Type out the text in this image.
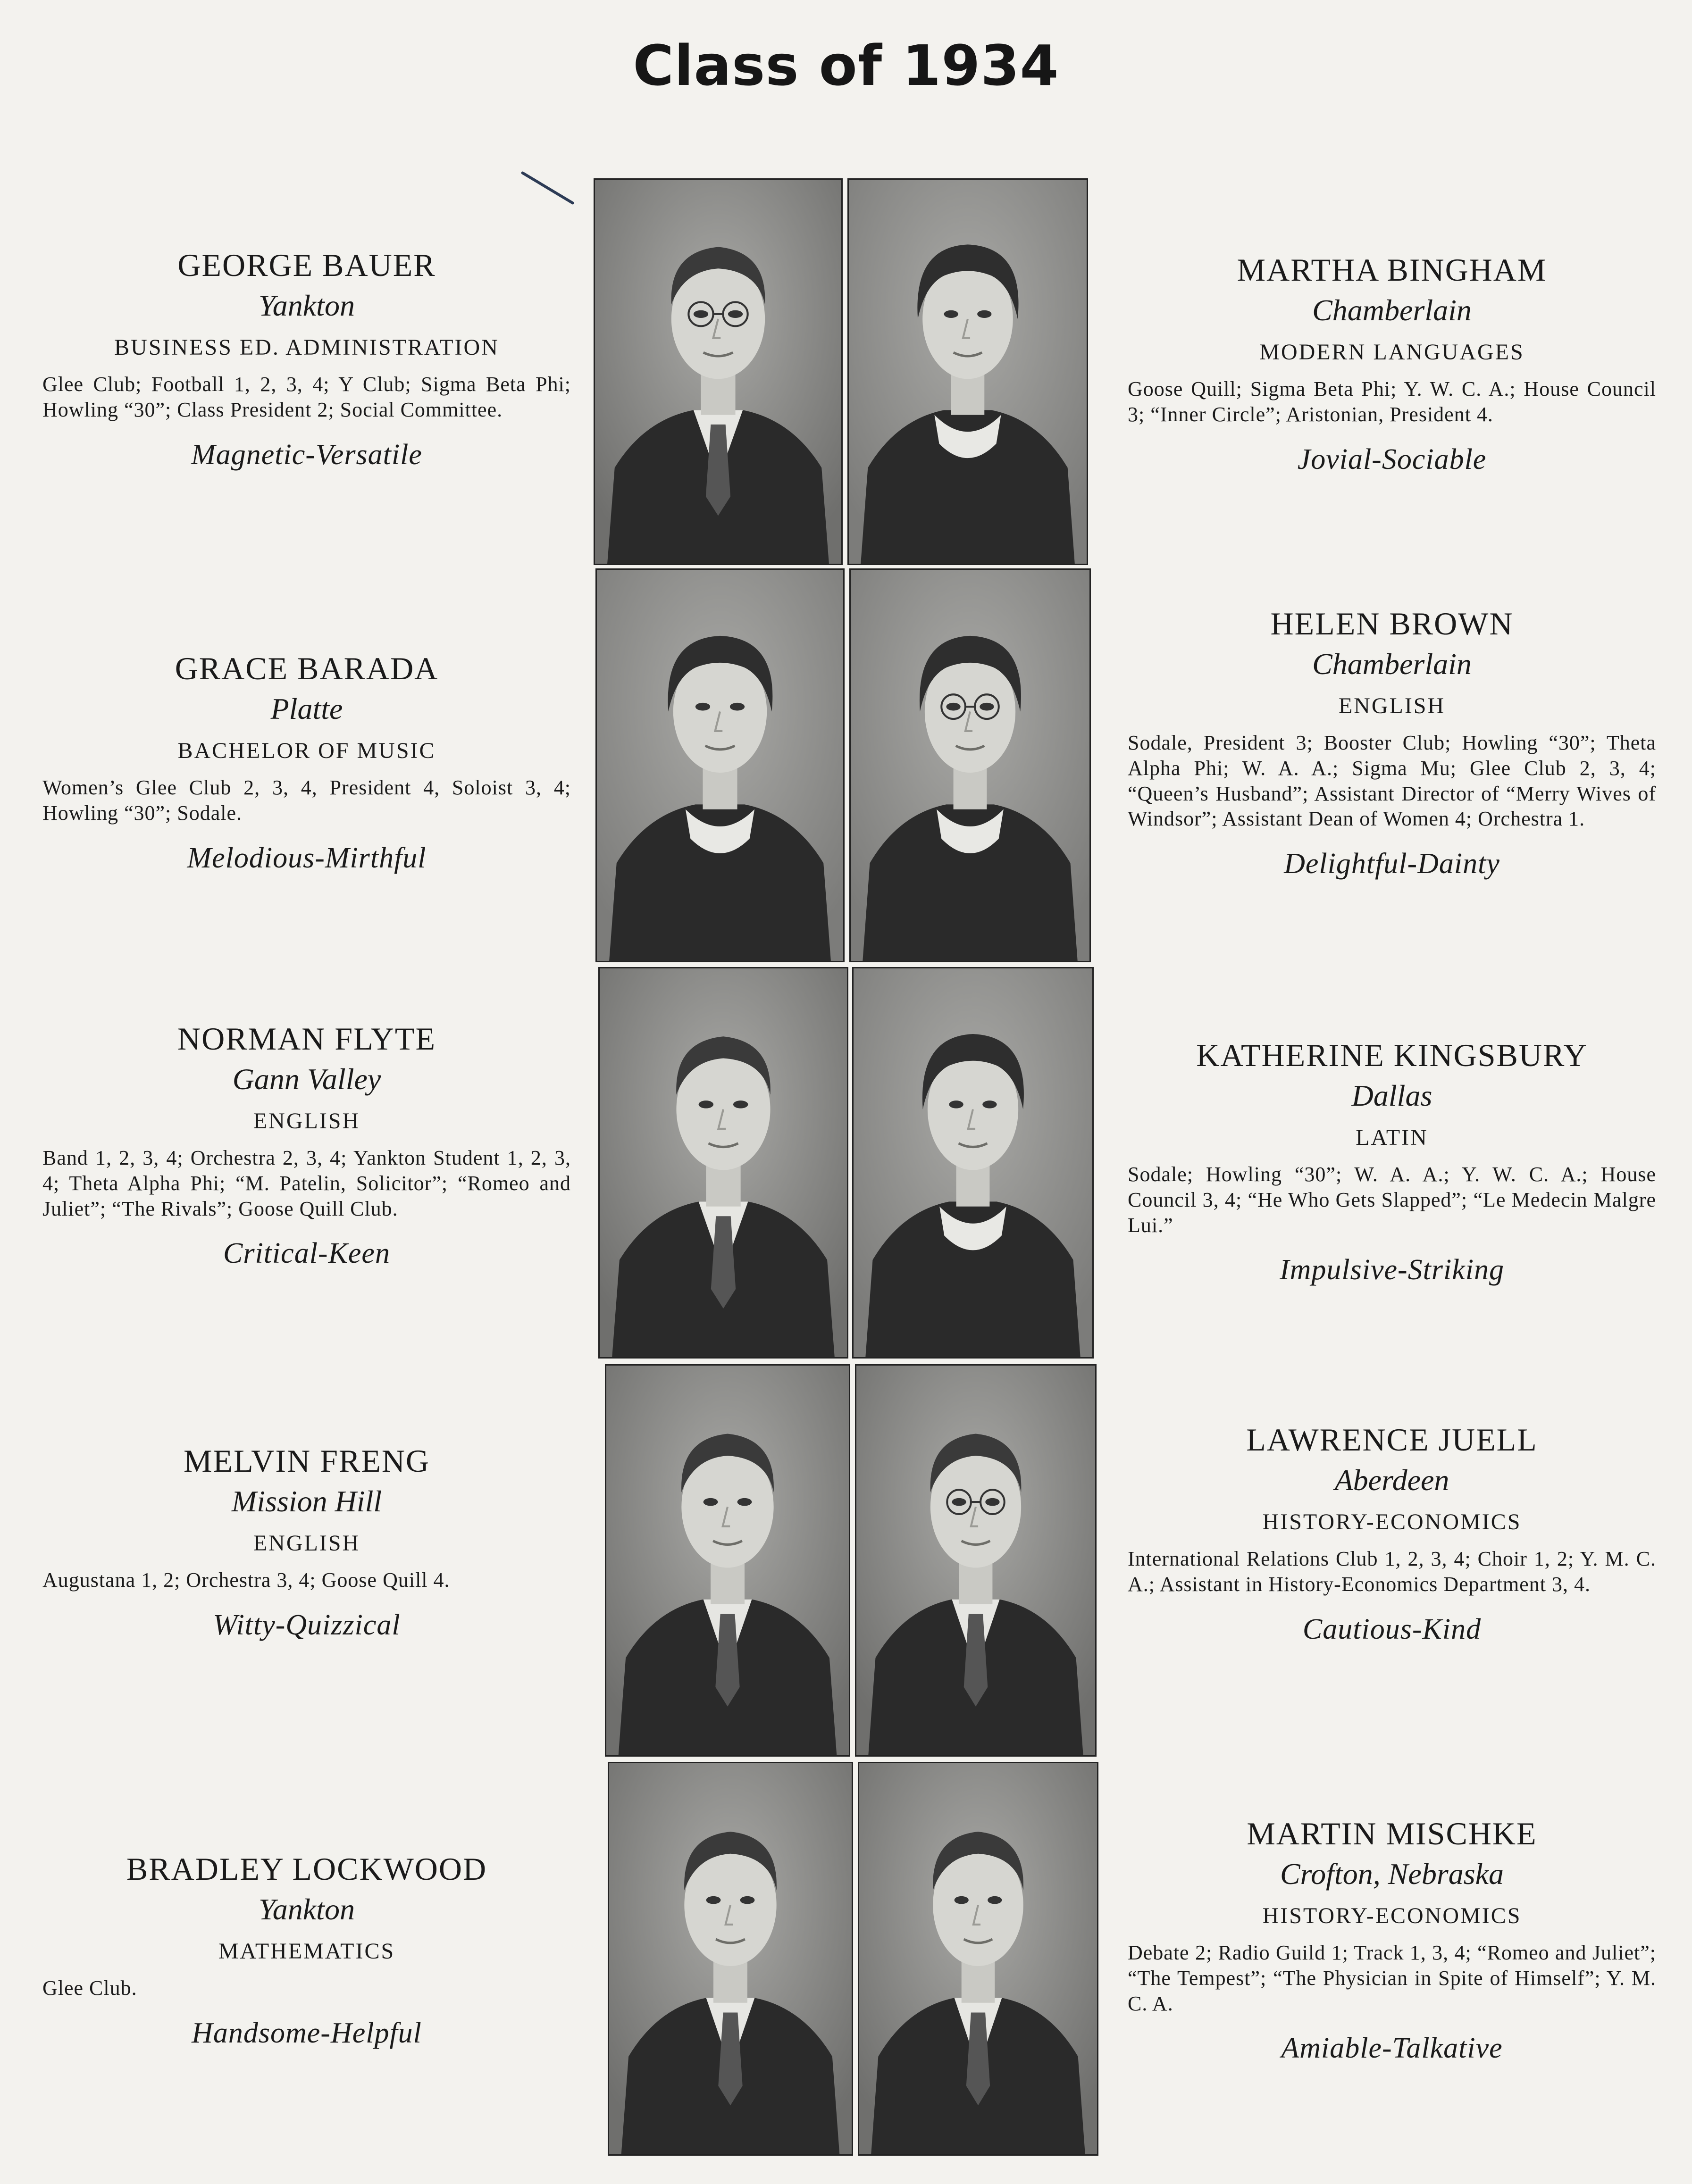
Class of 1934
GEORGE BAUER
Yankton
BUSINESS ED. ADMINISTRATION
Glee Club; Football 1, 2, 3, 4; Y Club; Sigma Beta Phi; Howling “30”; Class President 2; Social Committee.
Magnetic-Versatile
MARTHA BINGHAM
Chamberlain
MODERN LANGUAGES
Goose Quill; Sigma Beta Phi; Y. W. C. A.; House Council 3; “Inner Circle”; Aristonian, President 4.
Jovial-Sociable
GRACE BARADA
Platte
BACHELOR OF MUSIC
Women’s Glee Club 2, 3, 4, President 4, Soloist 3, 4; Howling “30”; Sodale.
Melodious-Mirthful
HELEN BROWN
Chamberlain
ENGLISH
Sodale, President 3; Booster Club; Howling “30”; Theta Alpha Phi; W. A. A.; Sigma Mu; Glee Club 2, 3, 4; “Queen’s Husband”; Assistant Director of “Merry Wives of Windsor”; Assistant Dean of Women 4; Orchestra 1.
Delightful-Dainty
NORMAN FLYTE
Gann Valley
ENGLISH
Band 1, 2, 3, 4; Orchestra 2, 3, 4; Yankton Student 1, 2, 3, 4; Theta Alpha Phi; “M. Patelin, Solicitor”; “Romeo and Juliet”; “The Rivals”; Goose Quill Club.
Critical-Keen
KATHERINE KINGSBURY
Dallas
LATIN
Sodale; Howling “30”; W. A. A.; Y. W. C. A.; House Council 3, 4; “He Who Gets Slapped”; “Le Medecin Malgre Lui.”
Impulsive-Striking
MELVIN FRENG
Mission Hill
ENGLISH
Augustana 1, 2; Orchestra 3, 4; Goose Quill 4.
Witty-Quizzical
LAWRENCE JUELL
Aberdeen
HISTORY-ECONOMICS
International Relations Club 1, 2, 3, 4; Choir 1, 2; Y. M. C. A.; Assistant in History-Economics Department 3, 4.
Cautious-Kind
BRADLEY LOCKWOOD
Yankton
MATHEMATICS
Glee Club.
Handsome-Helpful
MARTIN MISCHKE
Crofton, Nebraska
HISTORY-ECONOMICS
Debate 2; Radio Guild 1; Track 1, 3, 4; “Romeo and Juliet”; “The Tempest”; “The Physician in Spite of Himself”; Y. M. C. A.
Amiable-Talkative
